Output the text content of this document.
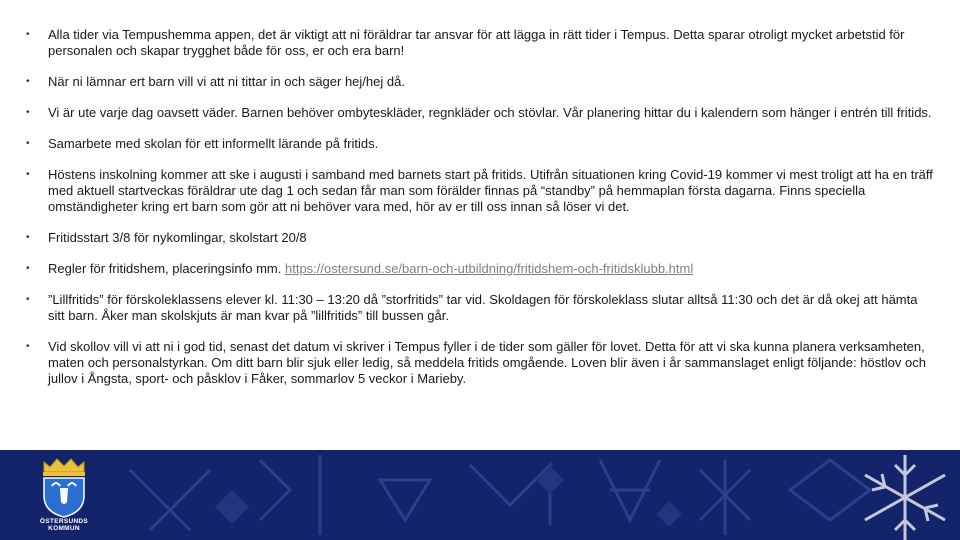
• Alla tider via Tempushemma appen, det är viktigt att ni föräldrar tar ansvar för att lägga in rätt tider i Tempus. Detta sparar otroligt mycket arbetstid för personalen och skapar trygghet både för oss, er och era barn!
• När ni lämnar ert barn vill vi att ni tittar in och säger hej/hej då.
• Vi är ute varje dag oavsett väder. Barnen behöver ombyteskläder, regnkläder och stövlar. Vår planering hittar du i kalendern som hänger i entrén till fritids.
• Samarbete med skolan för ett informellt lärande på fritids.
• Höstens inskolning kommer att ske i augusti i samband med barnets start på fritids. Utifrån situationen kring Covid-19 kommer vi mest troligt att ha en träff med aktuell startveckas föräldrar ute dag 1 och sedan får man som förälder finnas på “standby” på hemmaplan första dagarna. Finns speciella omständigheter kring ert barn som gör att ni behöver vara med, hör av er till oss innan så löser vi det.
• Fritidsstart 3/8 för nykomlingar, skolstart 20/8
• Regler för fritidshem, placeringsinfo mm. https://ostersund.se/barn-och-utbildning/fritidshem-och-fritidsklubb.html
• ”Lillfritids” för förskoleklassens elever kl. 11:30 – 13:20 då ”storfritids” tar vid. Skoldagen för förskoleklass slutar alltså 11:30 och det är då okej att hämta sitt barn. Åker man skolskjuts är man kvar på ”lillfritids” till bussen går.
• Vid skollov vill vi att ni i god tid, senast det datum vi skriver i Tempus fyller i de tider som gäller för lovet. Detta för att vi ska kunna planera verksamheten, maten och personalstyrkan. Om ditt barn blir sjuk eller ledig, så meddela fritids omgående. Loven blir även i år sammanslaget enligt följande: höstlov och jullov i Ångsta, sport- och påsklov i Fåker, sommarlov 5 veckor i Marieby.
ÖSTERSUNDS
KOMMUN
